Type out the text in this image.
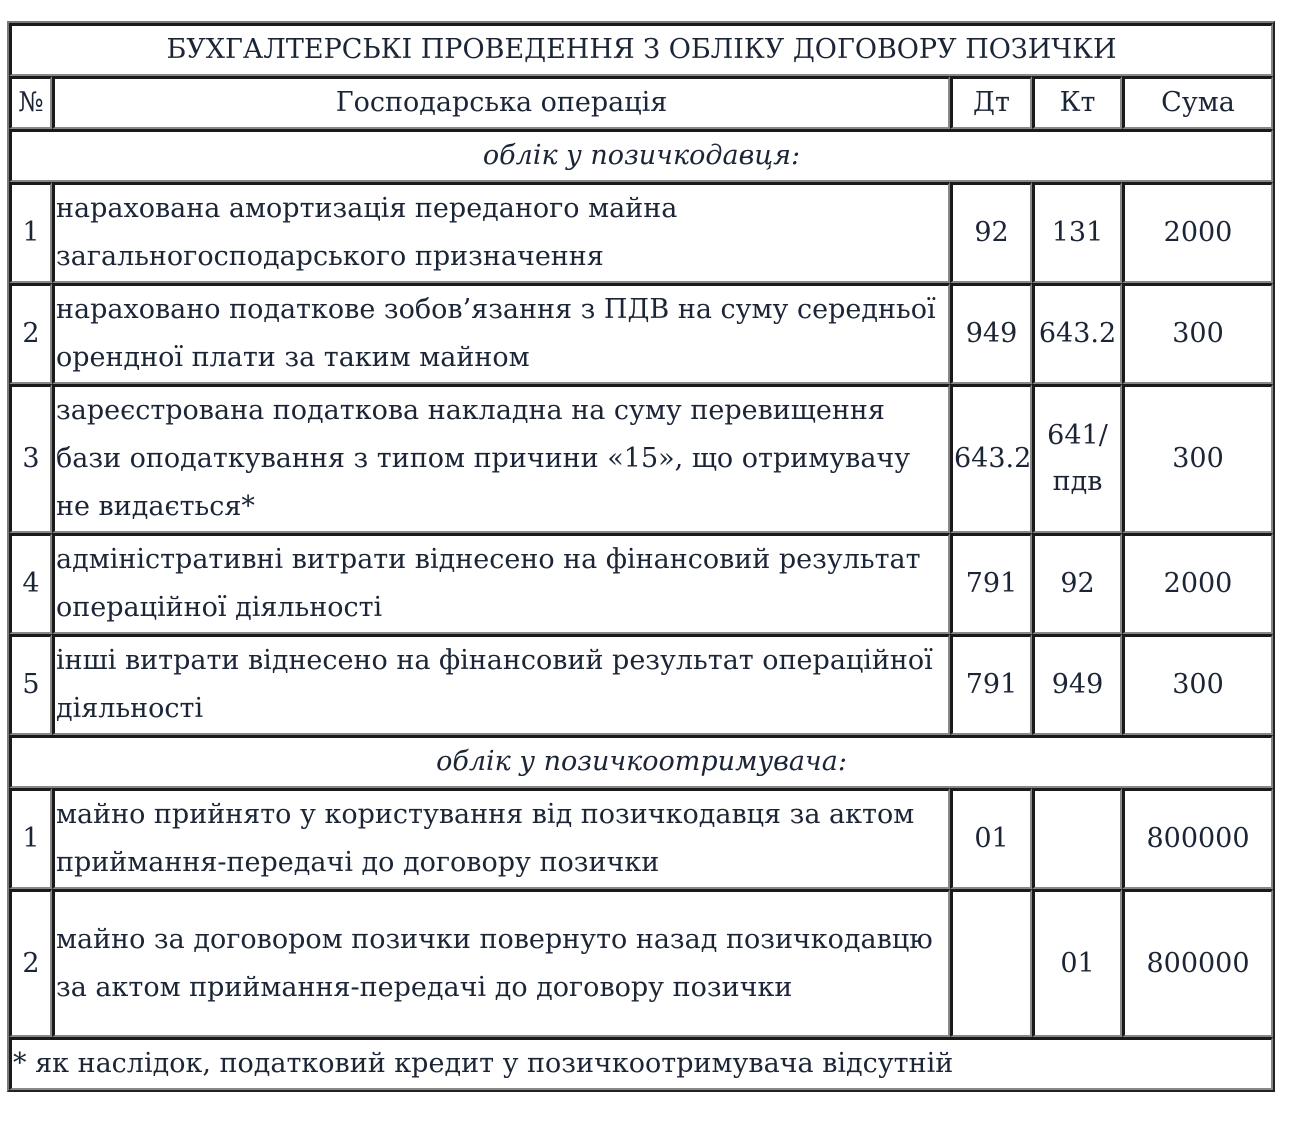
БУХГАЛТЕРСЬКІ ПРОВЕДЕННЯ З ОБЛІКУ ДОГОВОРУ ПОЗИЧКИ				
№	Господарська операція	Дт	Кт	Сума
облік у позичкодавця:				
1	нарахована амортизація переданого майна загальногосподарського призначення	92	131	2000
2	нараховано податкове зобов’язання з ПДВ на суму середньої орендної плати за таким майном	949	643.2	300
3	зареєстрована податкова накладна на суму перевищення бази оподаткування з типом причини «15», що отримувачу не видається*	643.2	641/ пдв	300
4	адміністративні витрати віднесено на фінансовий результат операційної діяльності	791	92	2000
5	інші витрати віднесено на фінансовий результат операційної діяльності	791	949	300
облік у позичкоотримувача:				
1	майно прийнято у користування від позичкодавця за актом приймання-передачі до договору позички	01		800000
2	майно за договором позички повернуто назад позичкодавцю за актом приймання-передачі до договору позички		01	800000
* як наслідок, податковий кредит у позичкоотримувача відсутній				
